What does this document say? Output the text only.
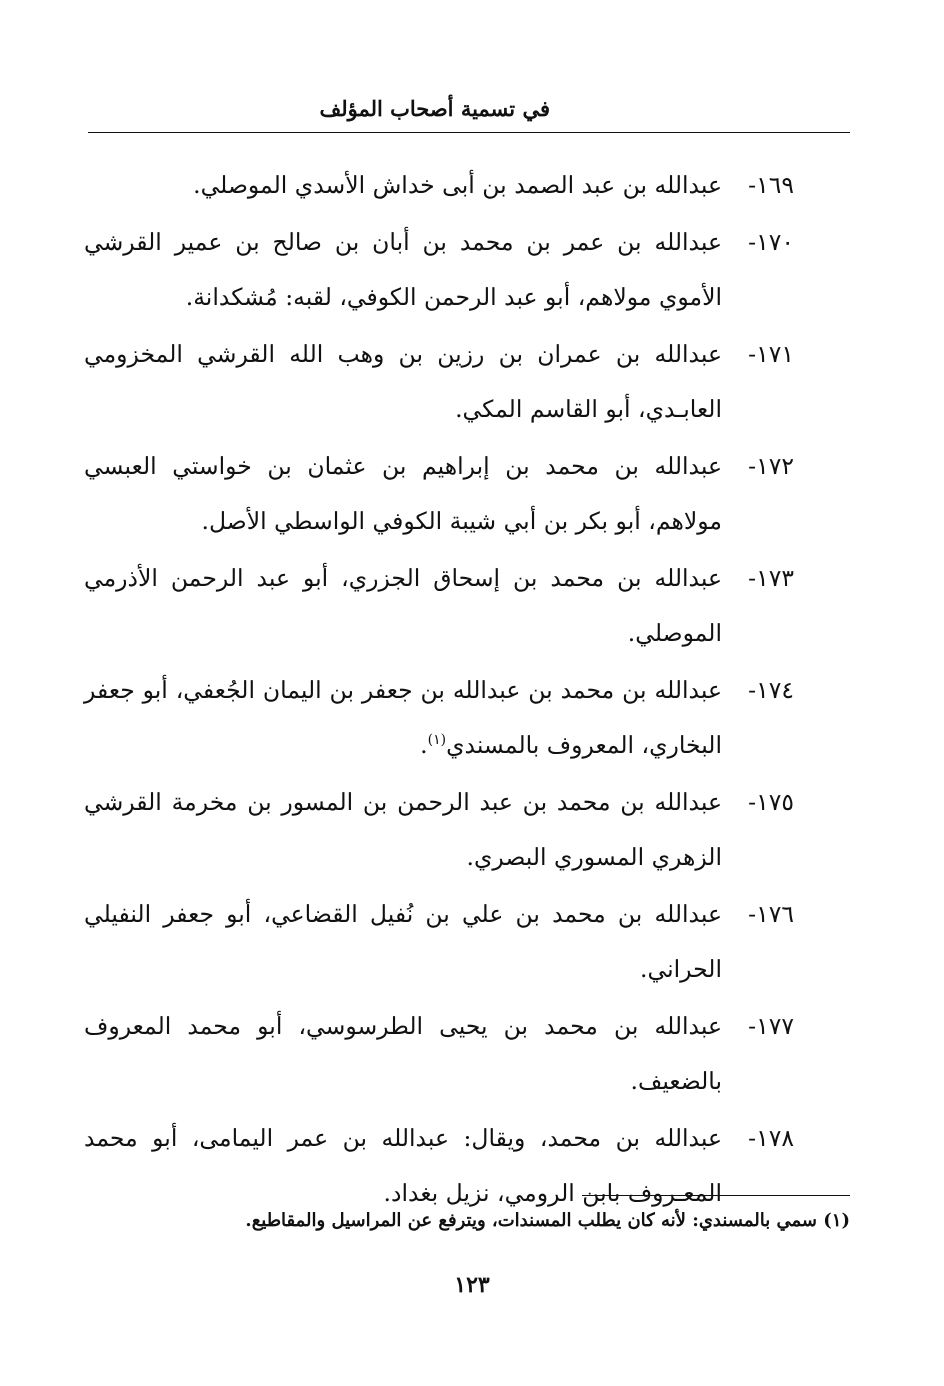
في تسمية أصحاب المؤلف
١٦٩-
عبدالله بن عبد الصمد بن أبى خداش الأسدي الموصلي.
١٧٠-
عبدالله بن عمر بن محمد بن أبان بن صالح بن عمير القرشي الأموي مولاهم، أبو عبد الرحمن الكوفي، لقبه: مُشكدانة.
١٧١-
عبدالله بن عمران بن رزين بن وهب الله القرشي المخزومي العابـدي، أبو القاسم المكي.
١٧٢-
عبدالله بن محمد بن إبراهيم بن عثمان بن خواستي العبسي مولاهم، أبو بكر بن أبي شيبة الكوفي الواسطي الأصل.
١٧٣-
عبدالله بن محمد بن إسحاق الجزري، أبو عبد الرحمن الأذرمي الموصلي.
١٧٤-
عبدالله بن محمد بن عبدالله بن جعفر بن اليمان الجُعفي، أبو جعفر البخاري، المعروف بالمسندي$^{(١)}$.
١٧٥-
عبدالله بن محمد بن عبد الرحمن بن المسور بن مخرمة القرشي الزهري المسوري البصري.
١٧٦-
عبدالله بن محمد بن علي بن نُفيل القضاعي، أبو جعفر النفيلي الحراني.
١٧٧-
عبدالله بن محمد بن يحيى الطرسوسي، أبو محمد المعروف بالضعيف.
١٧٨-
عبدالله بن محمد، ويقال: عبدالله بن عمر اليمامى، أبو محمد المعـروف بابن الرومي، نزيل بغداد.
(١) سمي بالمسندي: لأنه كان يطلب المسندات، ويترفع عن المراسيل والمقاطيع.
١٢٣
